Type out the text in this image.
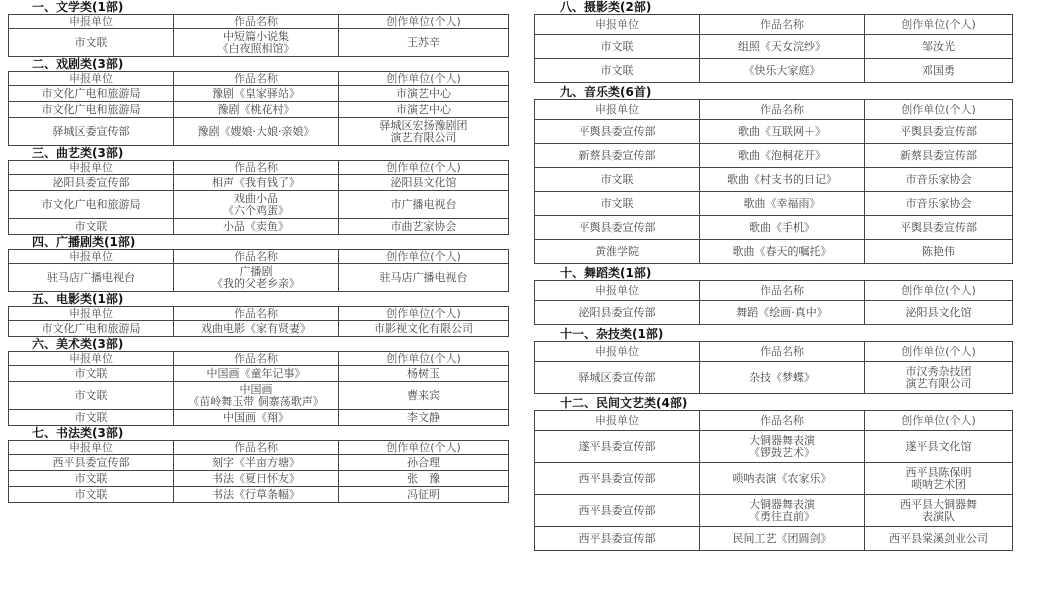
一、文学类(1部)
申报单位	作品名称	创作单位(个人)

市文联	中短篇小说集
《白夜照相馆》	王苏辛
二、戏剧类(3部)
申报单位	作品名称	创作单位(个人)

市文化广电和旅游局	豫剧《皇家驿站》	市演艺中心

市文化广电和旅游局	豫剧《桃花村》	市演艺中心

驿城区委宣传部	豫剧《嫂娘·大娘·亲娘》	驿城区宏扬豫剧团
演艺有限公司
三、曲艺类(3部)
申报单位	作品名称	创作单位(个人)

泌阳县委宣传部	相声《我有钱了》	泌阳县文化馆

市文化广电和旅游局	戏曲小品
《六个鸡蛋》	市广播电视台

市文联	小品《卖鱼》	市曲艺家协会
四、广播剧类(1部)
申报单位	作品名称	创作单位(个人)

驻马店广播电视台	广播剧
《我的父老乡亲》	驻马店广播电视台
五、电影类(1部)
申报单位	作品名称	创作单位(个人)

市文化广电和旅游局	戏曲电影《家有贤妻》	市影视文化有限公司
六、美术类(3部)
申报单位	作品名称	创作单位(个人)

市文联	中国画《童年记事》	杨树玉

市文联	中国画
《苗岭舞玉带 侗寨荡歌声》	曹来宾

市文联	中国画《翔》	李文静
七、书法类(3部)
申报单位	作品名称	创作单位(个人)

西平县委宣传部	刻字《半亩方塘》	孙合理

市文联	书法《夏日怀友》	张　豫

市文联	书法《行草条幅》	冯征明
八、摄影类(2部)
申报单位	作品名称	创作单位(个人)

市文联	组照《天女浣纱》	邹汝光

市文联	《快乐大家庭》	邓国勇
九、音乐类(6首)
申报单位	作品名称	创作单位(个人)

平舆县委宣传部	歌曲《互联网＋》	平舆县委宣传部

新蔡县委宣传部	歌曲《泡桐花开》	新蔡县委宣传部

市文联	歌曲《村支书的日记》	市音乐家协会

市文联	歌曲《幸福雨》	市音乐家协会

平舆县委宣传部	歌曲《手机》	平舆县委宣传部

黄淮学院	歌曲《春天的嘱托》	陈艳伟
十、舞蹈类(1部)
申报单位	作品名称	创作单位(个人)

泌阳县委宣传部	舞蹈《绘画·真中》	泌阳县文化馆
十一、杂技类(1部)
申报单位	作品名称	创作单位(个人)

驿城区委宣传部	杂技《梦蝶》	市汉秀杂技团
演艺有限公司
十二、民间文艺类(4部)
申报单位	作品名称	创作单位(个人)

遂平县委宣传部	大铜器舞表演
《锣鼓艺术》	遂平县文化馆

西平县委宣传部	唢呐表演《农家乐》	西平县陈保明
唢呐艺术团

西平县委宣传部	大铜器舞表演
《勇往直前》	西平县大铜器舞
表演队

西平县委宣传部	民间工艺《团圆剑》	西平县棠溪剑业公司
